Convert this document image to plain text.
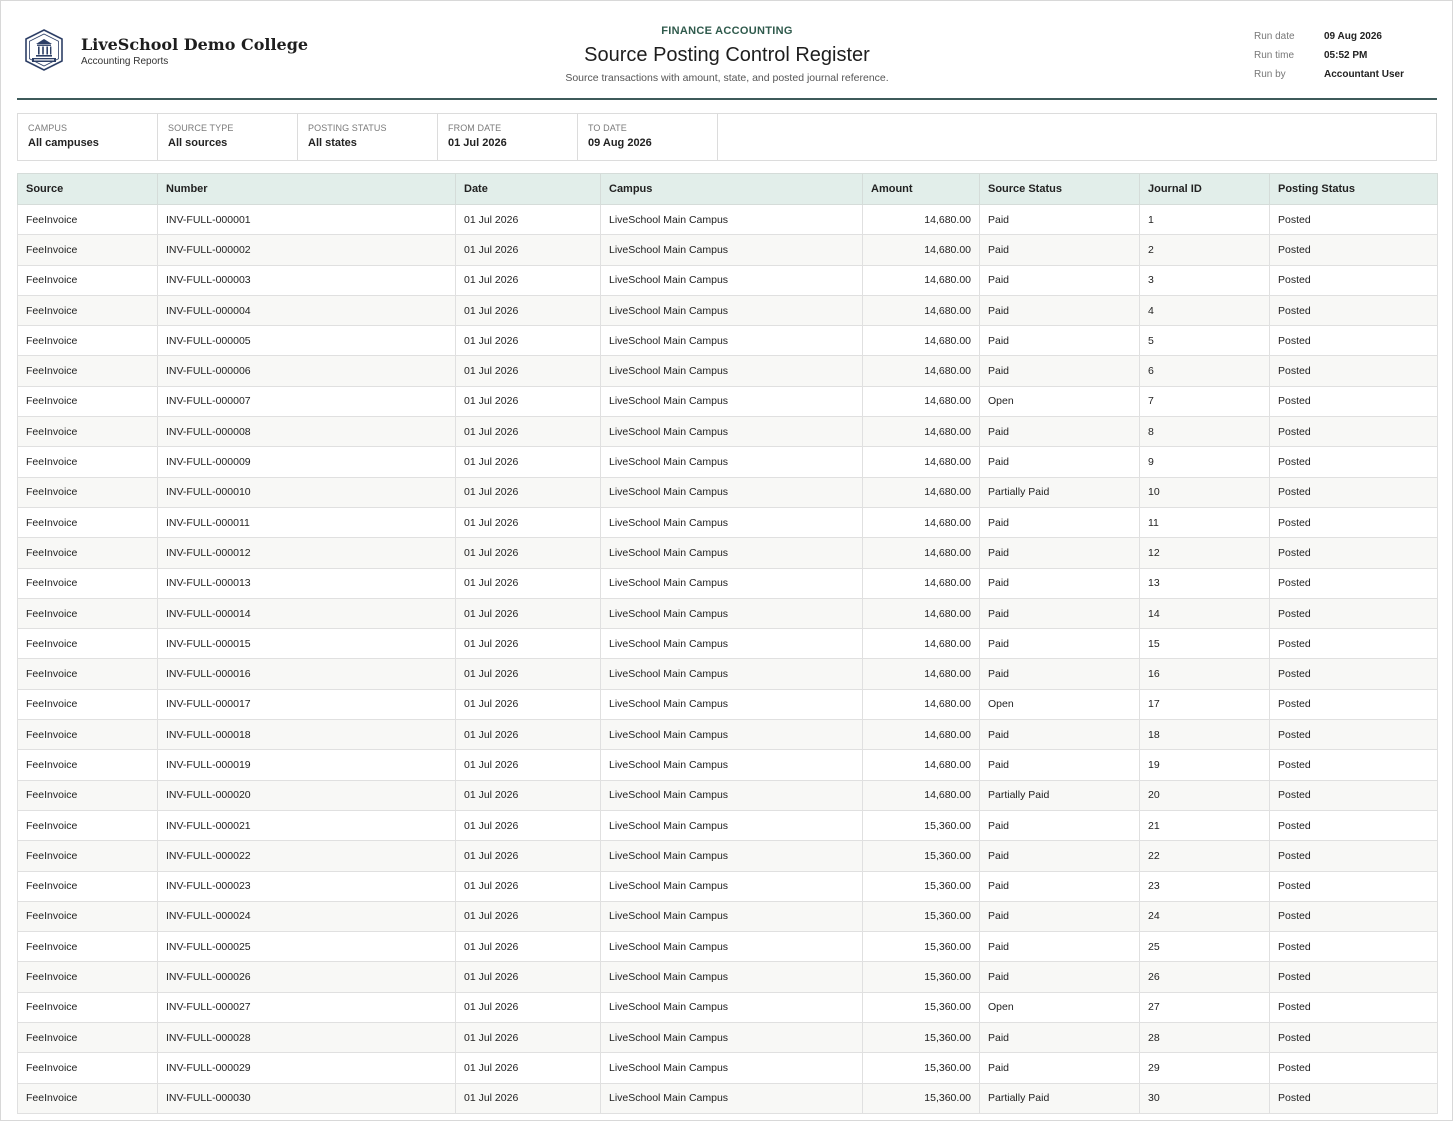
LiveSchool Demo College
Accounting Reports
FINANCE ACCOUNTING
Source Posting Control Register
Source transactions with amount, state, and posted journal reference.
Run date	09 Aug 2026
Run time	05:52 PM
Run by	Accountant User
CAMPUS
All campuses
SOURCE TYPE
All sources
POSTING STATUS
All states
FROM DATE
01 Jul 2026
TO DATE
09 Aug 2026
Source	Number	Date	Campus	Amount	Source Status	Journal ID	Posting Status
FeeInvoice	INV-FULL-000001	01 Jul 2026	LiveSchool Main Campus	14,680.00	Paid	1	Posted
FeeInvoice	INV-FULL-000002	01 Jul 2026	LiveSchool Main Campus	14,680.00	Paid	2	Posted
FeeInvoice	INV-FULL-000003	01 Jul 2026	LiveSchool Main Campus	14,680.00	Paid	3	Posted
FeeInvoice	INV-FULL-000004	01 Jul 2026	LiveSchool Main Campus	14,680.00	Paid	4	Posted
FeeInvoice	INV-FULL-000005	01 Jul 2026	LiveSchool Main Campus	14,680.00	Paid	5	Posted
FeeInvoice	INV-FULL-000006	01 Jul 2026	LiveSchool Main Campus	14,680.00	Paid	6	Posted
FeeInvoice	INV-FULL-000007	01 Jul 2026	LiveSchool Main Campus	14,680.00	Open	7	Posted
FeeInvoice	INV-FULL-000008	01 Jul 2026	LiveSchool Main Campus	14,680.00	Paid	8	Posted
FeeInvoice	INV-FULL-000009	01 Jul 2026	LiveSchool Main Campus	14,680.00	Paid	9	Posted
FeeInvoice	INV-FULL-000010	01 Jul 2026	LiveSchool Main Campus	14,680.00	Partially Paid	10	Posted
FeeInvoice	INV-FULL-000011	01 Jul 2026	LiveSchool Main Campus	14,680.00	Paid	11	Posted
FeeInvoice	INV-FULL-000012	01 Jul 2026	LiveSchool Main Campus	14,680.00	Paid	12	Posted
FeeInvoice	INV-FULL-000013	01 Jul 2026	LiveSchool Main Campus	14,680.00	Paid	13	Posted
FeeInvoice	INV-FULL-000014	01 Jul 2026	LiveSchool Main Campus	14,680.00	Paid	14	Posted
FeeInvoice	INV-FULL-000015	01 Jul 2026	LiveSchool Main Campus	14,680.00	Paid	15	Posted
FeeInvoice	INV-FULL-000016	01 Jul 2026	LiveSchool Main Campus	14,680.00	Paid	16	Posted
FeeInvoice	INV-FULL-000017	01 Jul 2026	LiveSchool Main Campus	14,680.00	Open	17	Posted
FeeInvoice	INV-FULL-000018	01 Jul 2026	LiveSchool Main Campus	14,680.00	Paid	18	Posted
FeeInvoice	INV-FULL-000019	01 Jul 2026	LiveSchool Main Campus	14,680.00	Paid	19	Posted
FeeInvoice	INV-FULL-000020	01 Jul 2026	LiveSchool Main Campus	14,680.00	Partially Paid	20	Posted
FeeInvoice	INV-FULL-000021	01 Jul 2026	LiveSchool Main Campus	15,360.00	Paid	21	Posted
FeeInvoice	INV-FULL-000022	01 Jul 2026	LiveSchool Main Campus	15,360.00	Paid	22	Posted
FeeInvoice	INV-FULL-000023	01 Jul 2026	LiveSchool Main Campus	15,360.00	Paid	23	Posted
FeeInvoice	INV-FULL-000024	01 Jul 2026	LiveSchool Main Campus	15,360.00	Paid	24	Posted
FeeInvoice	INV-FULL-000025	01 Jul 2026	LiveSchool Main Campus	15,360.00	Paid	25	Posted
FeeInvoice	INV-FULL-000026	01 Jul 2026	LiveSchool Main Campus	15,360.00	Paid	26	Posted
FeeInvoice	INV-FULL-000027	01 Jul 2026	LiveSchool Main Campus	15,360.00	Open	27	Posted
FeeInvoice	INV-FULL-000028	01 Jul 2026	LiveSchool Main Campus	15,360.00	Paid	28	Posted
FeeInvoice	INV-FULL-000029	01 Jul 2026	LiveSchool Main Campus	15,360.00	Paid	29	Posted
FeeInvoice	INV-FULL-000030	01 Jul 2026	LiveSchool Main Campus	15,360.00	Partially Paid	30	Posted
